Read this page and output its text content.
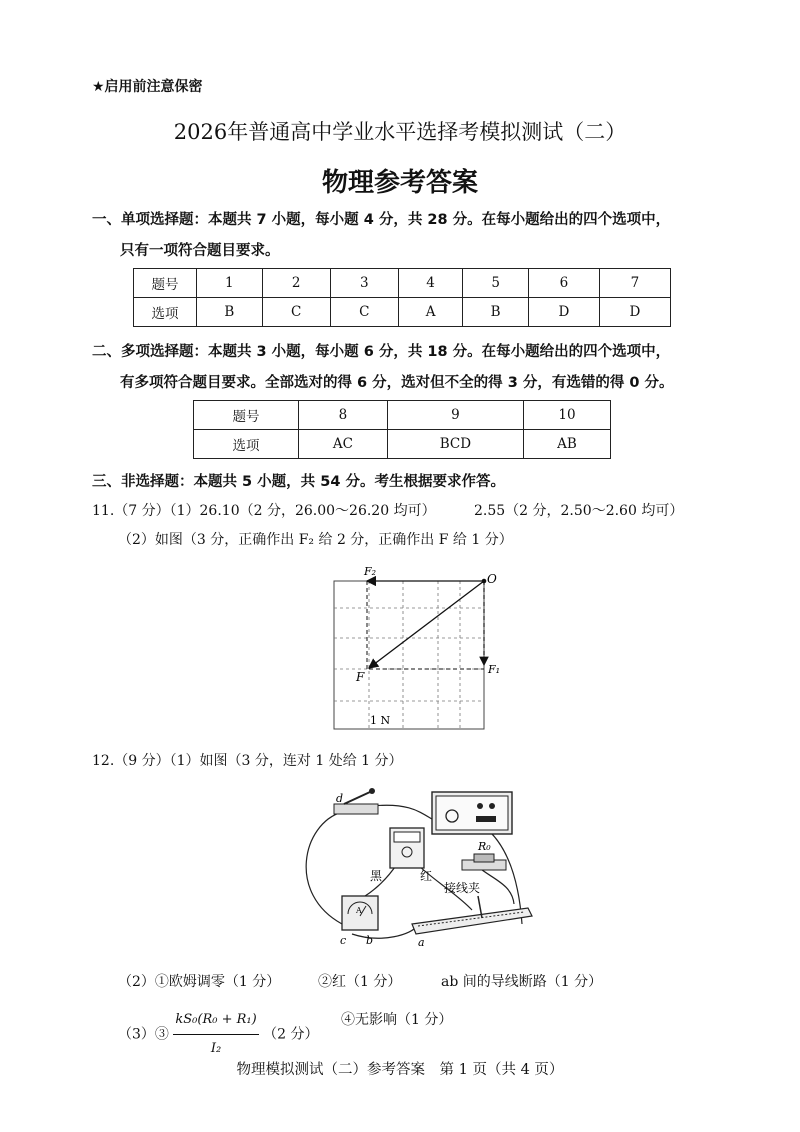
★启用前注意保密
2026年普通高中学业水平选择考模拟测试（二）
物理参考答案
一、单项选择题：本题共 7 小题，每小题 4 分，共 28 分。在每小题给出的四个选项中，
只有一项符合题目要求。
题号	1	2	3	4	5	6	7
选项	B	C	C	A	B	D	D
二、多项选择题：本题共 3 小题，每小题 6 分，共 18 分。在每小题给出的四个选项中，
有多项符合题目要求。全部选对的得 6 分，选对但不全的得 3 分，有选错的得 0 分。
题号	8	9	10
选项	AC	BCD	AB
三、非选择题：本题共 5 小题，共 54 分。考生根据要求作答。
11.（7 分）（1）26.10（2 分，26.00～26.20 均可）	2.55（2 分，2.50～2.60 均可）
（2）如图（3 分，正确作出 F₂ 给 2 分，正确作出 F 给 1 分）
F₂
O
F₁
F
1 N
12.（9 分）（1）如图（3 分，连对 1 处给 1 分）
d
R₀
黑	红
接线夹
A
a
c b
（2）①欧姆调零（1 分）	②红（1 分）	ab 间的导线断路（1 分）
（3）③ $\frac{\text{kS₀(R₀ + R₁)}}{\text{I₂}} (2$ 分）
④无影响（1 分）
物理模拟测试（二）参考答案　第 1 页（共 4 页）
